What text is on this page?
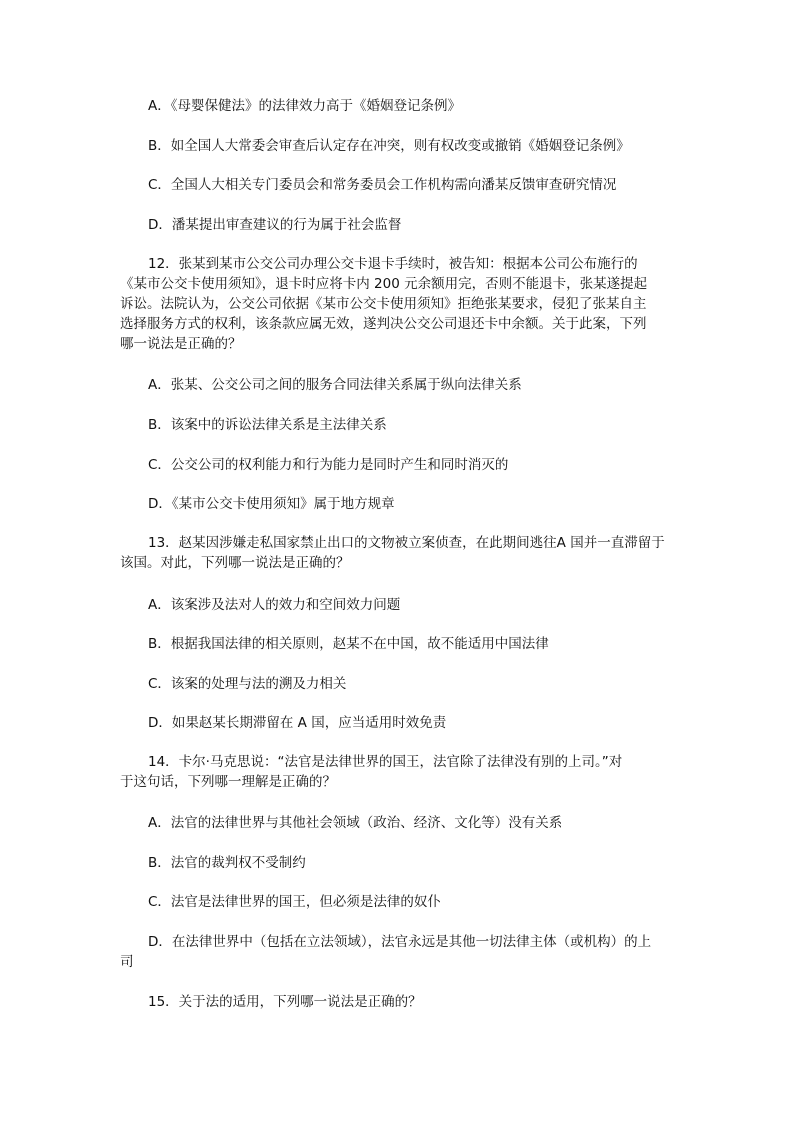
A．《母婴保健法》的法律效力高于《婚姻登记条例》
B．如全国人大常委会审查后认定存在冲突，则有权改变或撤销《婚姻登记条例》
C．全国人大相关专门委员会和常务委员会工作机构需向潘某反馈审查研究情况
D．潘某提出审查建议的行为属于社会监督
12．张某到某市公交公司办理公交卡退卡手续时，被告知：根据本公司公布施行的
《某市公交卡使用须知》，退卡时应将卡内 200 元余额用完，否则不能退卡，张某遂提起
诉讼。法院认为，公交公司依据《某市公交卡使用须知》拒绝张某要求，侵犯了张某自主
选择服务方式的权利，该条款应属无效，遂判决公交公司退还卡中余额。关于此案，下列
哪一说法是正确的？
A．张某、公交公司之间的服务合同法律关系属于纵向法律关系
B．该案中的诉讼法律关系是主法律关系
C．公交公司的权利能力和行为能力是同时产生和同时消灭的
D．《某市公交卡使用须知》属于地方规章
13．赵某因涉嫌走私国家禁止出口的文物被立案侦查，在此期间逃往A 国并一直滞留于
该国。对此，下列哪一说法是正确的？
A．该案涉及法对人的效力和空间效力问题
B．根据我国法律的相关原则，赵某不在中国，故不能适用中国法律
C．该案的处理与法的溯及力相关
D．如果赵某长期滞留在 A 国，应当适用时效免责
14．卡尔·马克思说：“法官是法律世界的国王，法官除了法律没有别的上司。”对
于这句话，下列哪一理解是正确的？
A．法官的法律世界与其他社会领域（政治、经济、文化等）没有关系
B．法官的裁判权不受制约
C．法官是法律世界的国王，但必须是法律的奴仆
D．在法律世界中（包括在立法领域），法官永远是其他一切法律主体（或机构）的上
司
15．关于法的适用，下列哪一说法是正确的？
